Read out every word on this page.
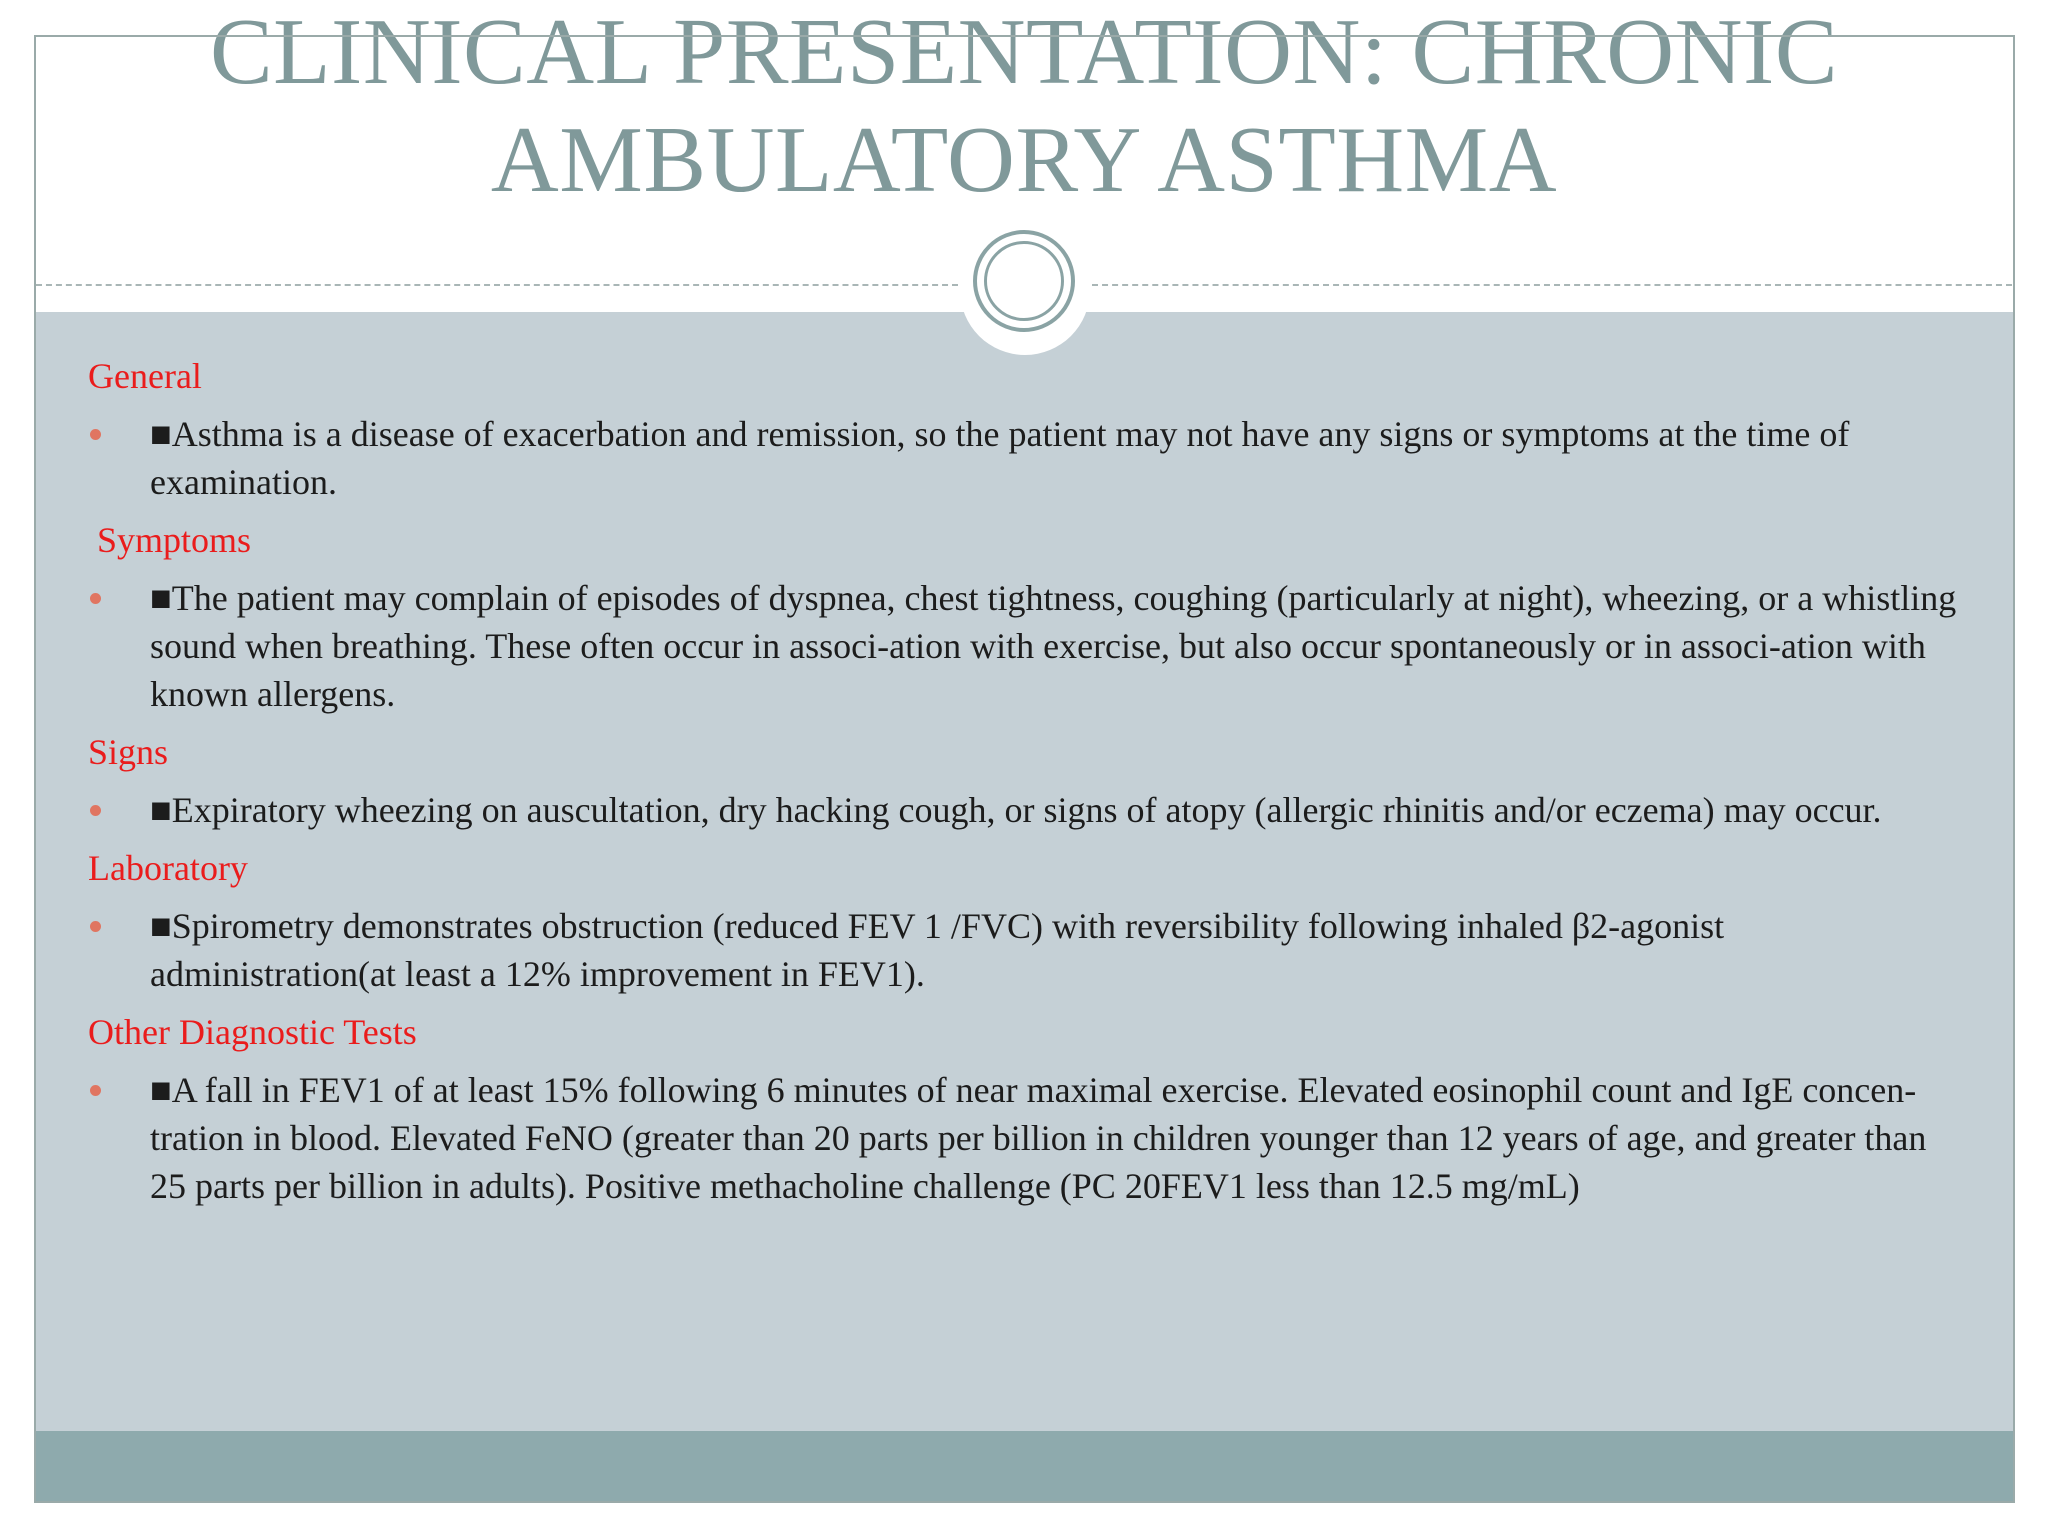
CLINICAL PRESENTATION: CHRONIC
AMBULATORY ASTHMA

General

■Asthma is a disease of exacerbation and remission, so the patient may not have any signs or symptoms at the time of examination.

Symptoms

■The patient may complain of episodes of dyspnea, chest tightness, coughing (particularly at night), wheezing, or a whistling sound when breathing. These often occur in associ-ation with exercise, but also occur spontaneously or in associ-ation with known allergens.

Signs

■Expiratory wheezing on auscultation, dry hacking cough, or signs of atopy (allergic rhinitis and/or eczema) may occur.

Laboratory

■Spirometry demonstrates obstruction (reduced FEV 1 /FVC) with reversibility following inhaled β2-agonist administration(at least a 12% improvement in FEV1).

Other Diagnostic Tests

■A fall in FEV1 of at least 15% following 6 minutes of near maximal exercise. Elevated eosinophil count and IgE concen-tration in blood. Elevated FeNO (greater than 20 parts per billion in children younger than 12 years of age, and greater than 25 parts per billion in adults). Positive methacholine challenge (PC 20FEV1 less than 12.5 mg/mL)
